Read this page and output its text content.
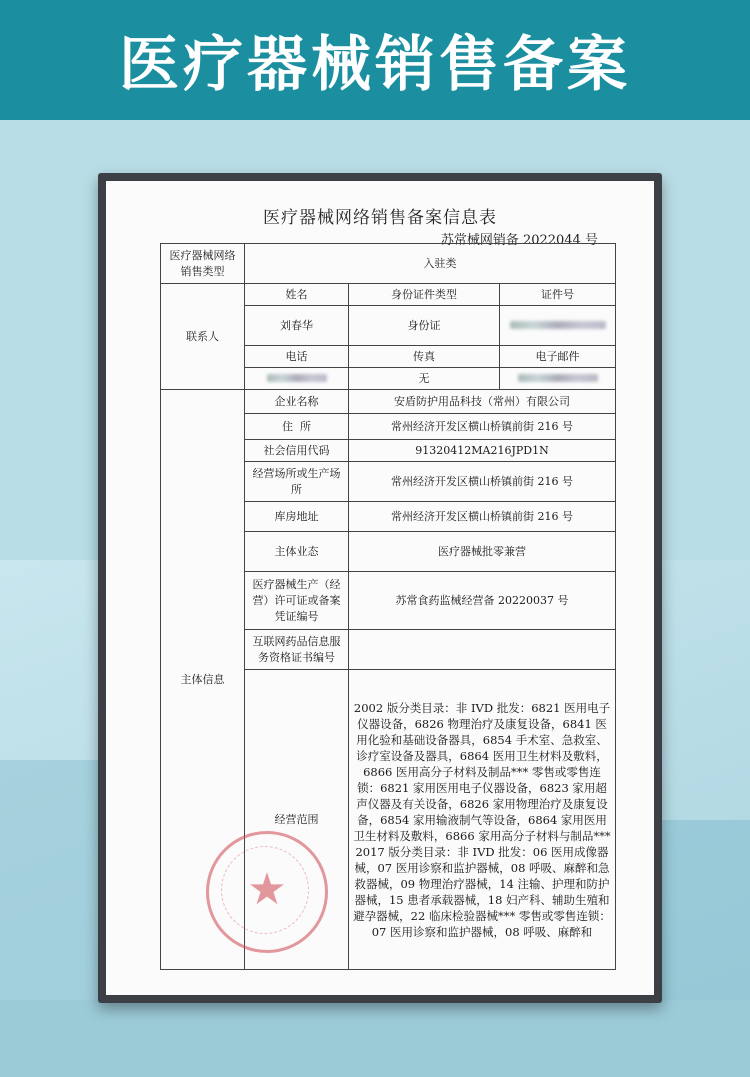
医疗器械销售备案
医疗器械网络销售备案信息表
苏常械网销备 2022044 号
医疗器械网络销售类型	入驻类		
联系人	姓名	身份证件类型	证件号
	刘春华	身份证	
	电话	传真	电子邮件
		无	
主体信息	企业名称	安盾防护用品科技（常州）有限公司	
	住  所	常州经济开发区横山桥镇前街 216 号	
	社会信用代码	91320412MA216JPD1N	
	经营场所或生产场所	常州经济开发区横山桥镇前街 216 号	
	库房地址	常州经济开发区横山桥镇前街 216 号	
	主体业态	医疗器械批零兼营	
	医疗器械生产（经营）许可证或备案凭证编号	苏常食药监械经营备 20220037 号	
	互联网药品信息服务资格证书编号		
	经营范围	2002 版分类目录：非 IVD 批发：6821 医用电子仪器设备，6826 物理治疗及康复设备，6841 医用化验和基础设备器具，6854 手术室、急救室、诊疗室设备及器具，6864 医用卫生材料及敷料，6866 医用高分子材料及制品*** 零售或零售连锁：6821 家用医用电子仪器设备，6823 家用超声仪器及有关设备，6826 家用物理治疗及康复设备，6854 家用输液制气等设备，6864 家用医用卫生材料及敷料，6866 家用高分子材料与制品*** 2017 版分类目录：非 IVD 批发：06 医用成像器械，07 医用诊察和监护器械，08 呼吸、麻醉和急救器械，09 物理治疗器械，14 注输、护理和防护器械，15 患者承载器械，18 妇产科、辅助生殖和避孕器械，22 临床检验器械*** 零售或零售连锁：07 医用诊察和监护器械，08 呼吸、麻醉和	
★
